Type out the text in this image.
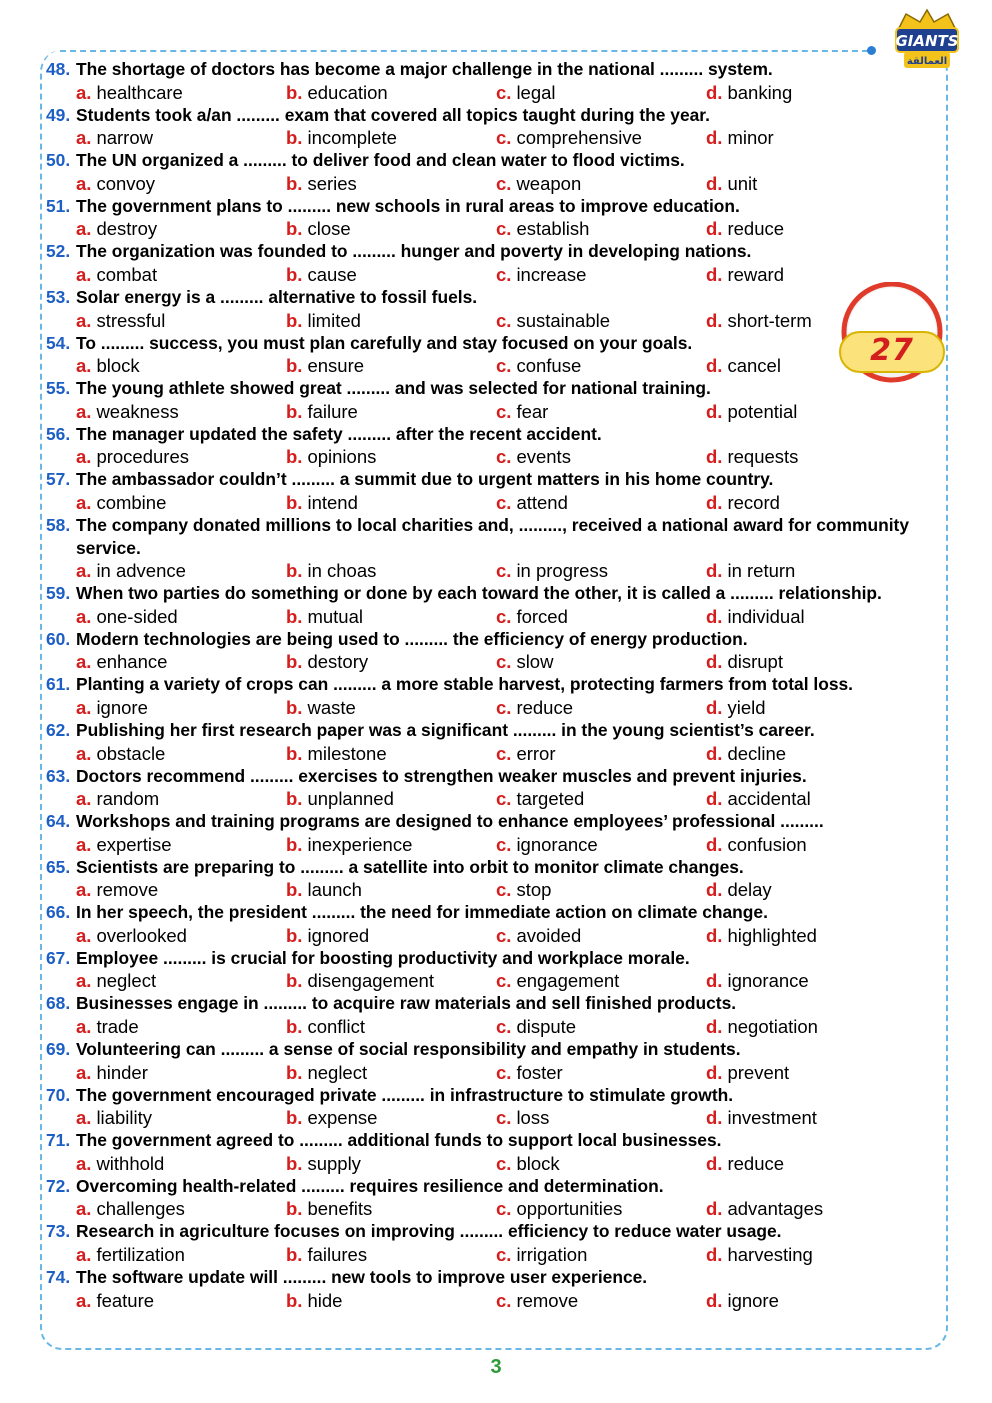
GIANTS
العمالقة
27
48. The shortage of doctors has become a major challenge in the national ......... system.
a. healthcare	b. education	c. legal	d. banking
49. Students took a/an ......... exam that covered all topics taught during the year.
a. narrow	b. incomplete	c. comprehensive	d. minor
50. The UN organized a ......... to deliver food and clean water to flood victims.
a. convoy	b. series	c. weapon	d. unit
51. The government plans to ......... new schools in rural areas to improve education.
a. destroy	b. close	c. establish	d. reduce
52. The organization was founded to ......... hunger and poverty in developing nations.
a. combat	b. cause	c. increase	d. reward
53. Solar energy is a ......... alternative to fossil fuels.
a. stressful	b. limited	c. sustainable	d. short-term
54. To ......... success, you must plan carefully and stay focused on your goals.
a. block	b. ensure	c. confuse	d. cancel
55. The young athlete showed great ......... and was selected for national training.
a. weakness	b. failure	c. fear	d. potential
56. The manager updated the safety ......... after the recent accident.
a. procedures	b. opinions	c. events	d. requests
57. The ambassador couldn’t ......... a summit due to urgent matters in his home country.
a. combine	b. intend	c. attend	d. record
58. The company donated millions to local charities and, ........., received a national award for community service.
a. in advence	b. in choas	c. in progress	d. in return
59. When two parties do something or done by each toward the other, it is called a ......... relationship.
a. one-sided	b. mutual	c. forced	d. individual
60. Modern technologies are being used to ......... the efficiency of energy production.
a. enhance	b. destory	c. slow	d. disrupt
61. Planting a variety of crops can ......... a more stable harvest, protecting farmers from total loss.
a. ignore	b. waste	c. reduce	d. yield
62. Publishing her first research paper was a significant ......... in the young scientist’s career.
a. obstacle	b. milestone	c. error	d. decline
63. Doctors recommend ......... exercises to strengthen weaker muscles and prevent injuries.
a. random	b. unplanned	c. targeted	d. accidental
64. Workshops and training programs are designed to enhance employees’ professional .........
a. expertise	b. inexperience	c. ignorance	d. confusion
65. Scientists are preparing to ......... a satellite into orbit to monitor climate changes.
a. remove	b. launch	c. stop	d. delay
66. In her speech, the president ......... the need for immediate action on climate change.
a. overlooked	b. ignored	c. avoided	d. highlighted
67. Employee ......... is crucial for boosting productivity and workplace morale.
a. neglect	b. disengagement	c. engagement	d. ignorance
68. Businesses engage in ......... to acquire raw materials and sell finished products.
a. trade	b. conflict	c. dispute	d. negotiation
69. Volunteering can ......... a sense of social responsibility and empathy in students.
a. hinder	b. neglect	c. foster	d. prevent
70. The government encouraged private ......... in infrastructure to stimulate growth.
a. liability	b. expense	c. loss	d. investment
71. The government agreed to ......... additional funds to support local businesses.
a. withhold	b. supply	c. block	d. reduce
72. Overcoming health-related ......... requires resilience and determination.
a. challenges	b. benefits	c. opportunities	d. advantages
73. Research in agriculture focuses on improving ......... efficiency to reduce water usage.
a. fertilization	b. failures	c. irrigation	d. harvesting
74. The software update will ......... new tools to improve user experience.
a. feature	b. hide	c. remove	d. ignore
3
